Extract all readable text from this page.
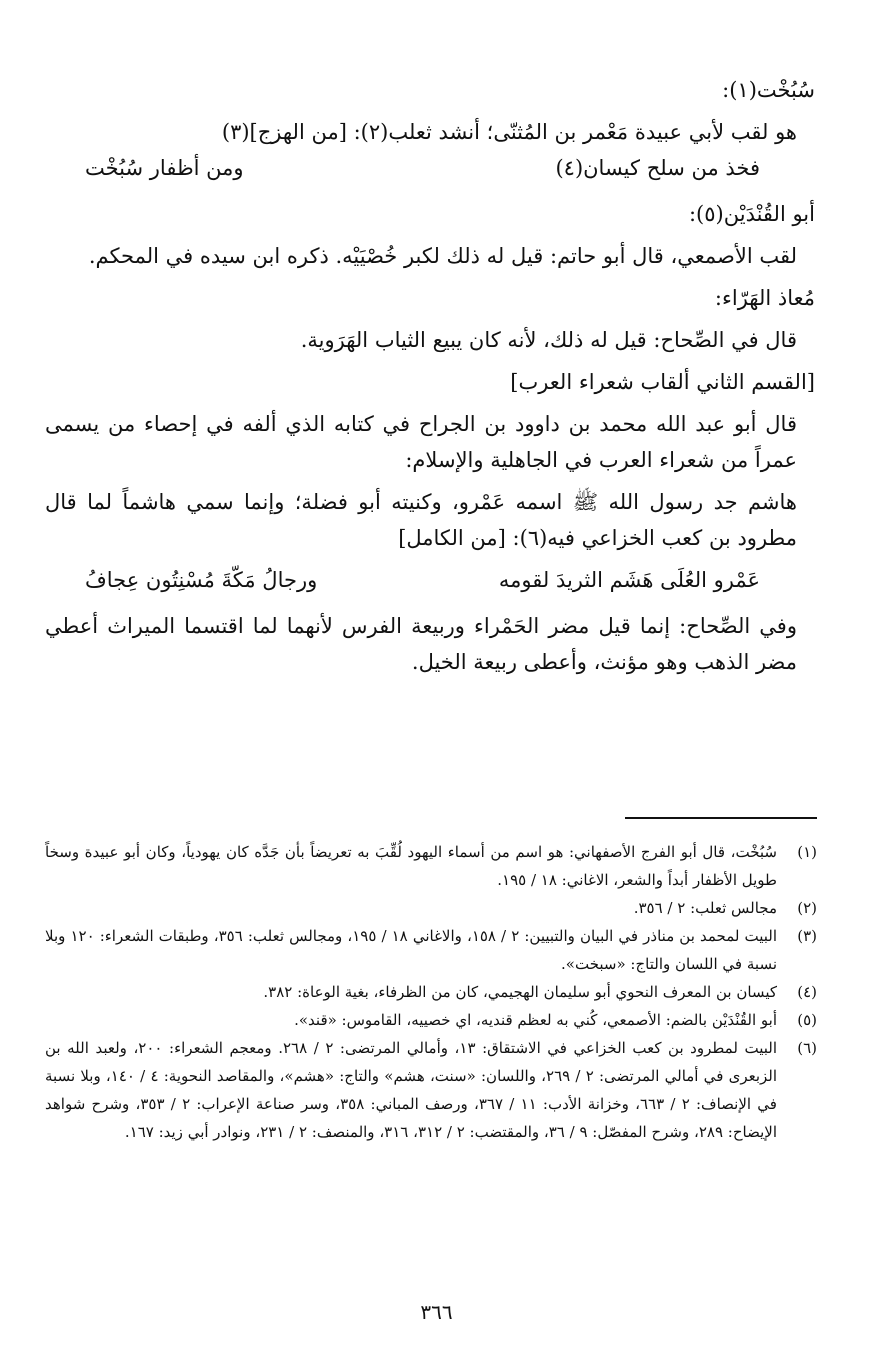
سُبُخْت(١):
هو لقب لأبي عبيدة مَعْمر بن المُثنّى؛ أنشد ثعلب(٢): [من الهزج](٣)
فخذ من سلح كيسان(٤)
ومن أظفار سُبُخْت
أبو القُنْدَيْن(٥):
لقب الأصمعي، قال أبو حاتم: قيل له ذلك لكبر خُصْيَيْه. ذكره ابن سيده في المحكم.
مُعاذ الهَرّاء:
قال في الصِّحاح: قيل له ذلك، لأنه كان يبيع الثياب الهَرَوية.
[القسم الثاني ألقاب شعراء العرب]
قال أبو عبد الله محمد بن داوود بن الجراح في كتابه الذي ألفه في إحصاء من يسمى عمراً من شعراء العرب في الجاهلية والإسلام:
هاشم جد رسول الله ﷺ اسمه عَمْرو، وكنيته أبو فضلة؛ وإنما سمي هاشماً لما قال مطرود بن كعب الخزاعي فيه(٦): [من الكامل]
عَمْرو العُلَى هَشَم الثريدَ لقومه
ورجالُ مَكّةَ مُسْنِتُون عِجافُ
وفي الصِّحاح: إنما قيل مضر الحَمْراء وربيعة الفرس لأنهما لما اقتسما الميراث أعطي مضر الذهب وهو مؤنث، وأعطى ربيعة الخيل.
(١)
سُبُخْت، قال أبو الفرج الأصفهاني: هو اسم من أسماء اليهود لُقِّبَ به تعريضاً بأن جَدَّه كان يهودياً، وكان أبو عبيدة وسخاً طويل الأظفار أبداً والشعر، الاغاني: ١٨ / ١٩٥.
(٢)
مجالس ثعلب: ٢ / ٣٥٦.
(٣)
البيت لمحمد بن مناذر في البيان والتبيين: ٢ / ١٥٨، والاغاني ١٨ / ١٩٥، ومجالس ثعلب: ٣٥٦، وطبقات الشعراء: ١٢٠ وبلا نسبة في اللسان والتاج: «سبخت».
(٤)
كيسان بن المعرف النحوي أبو سليمان الهجيمي، كان من الظرفاء، بغية الوعاة: ٣٨٢.
(٥)
أبو القُنْدَيْن بالضم: الأصمعي، كُني به لعظم قنديه، اي خصييه، القاموس: «قند».
(٦)
البيت لمطرود بن كعب الخزاعي في الاشتقاق: ١٣، وأمالي المرتضى: ٢ / ٢٦٨. ومعجم الشعراء: ٢٠٠، ولعبد الله بن الزبعرى في أمالي المرتضى: ٢ / ٢٦٩، واللسان: «سنت، هشم» والتاج: «هشم»، والمقاصد النحوية: ٤ / ١٤٠، وبلا نسبة في الإنصاف: ٢ / ٦٦٣، وخزانة الأدب: ١١ / ٣٦٧، ورصف المباني: ٣٥٨، وسر صناعة الإعراب: ٢ / ٣٥٣، وشرح شواهد الإيضاح: ٢٨٩، وشرح المفصّل: ٩ / ٣٦، والمقتضب: ٢ / ٣١٢، ٣١٦، والمنصف: ٢ / ٢٣١، ونوادر أبي زيد: ١٦٧.
٣٦٦
